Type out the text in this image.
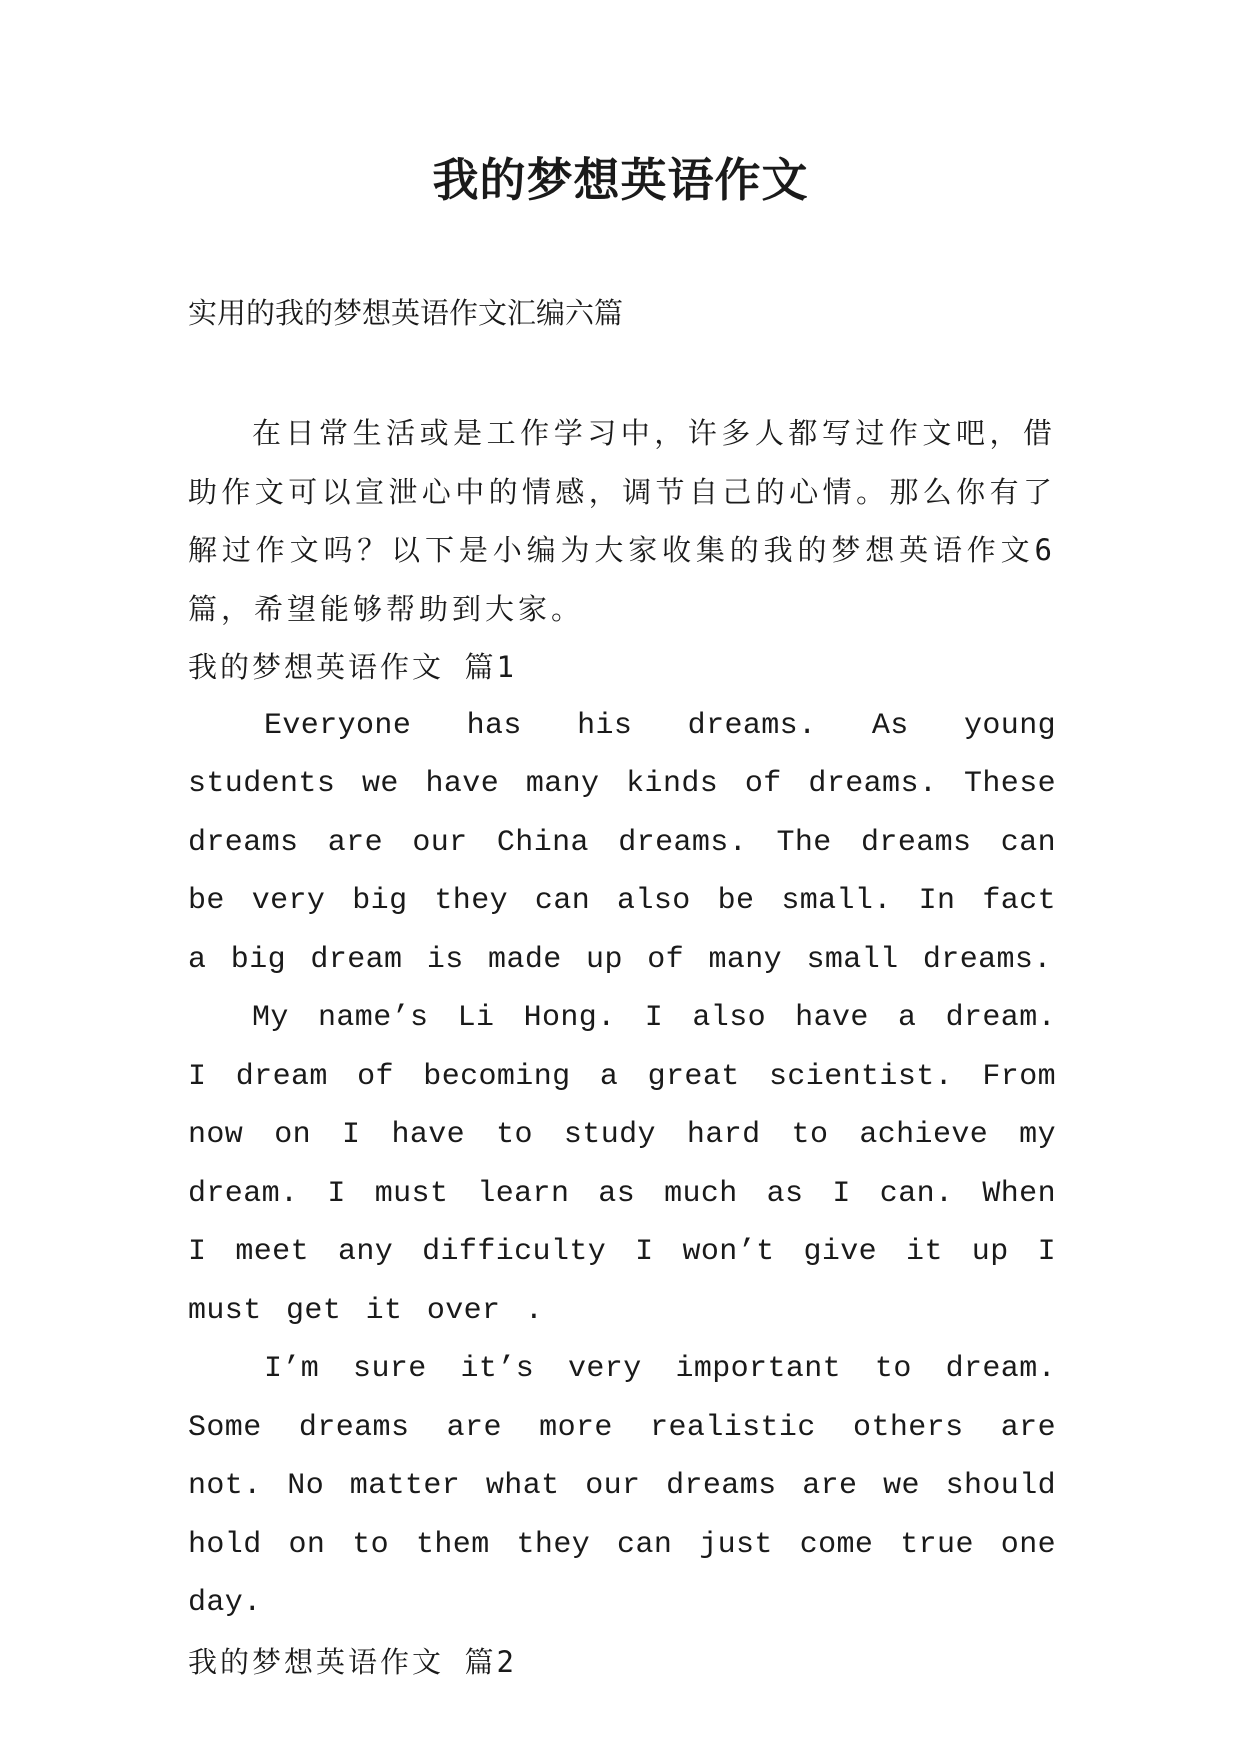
我的梦想英语作文
实用的我的梦想英语作文汇编六篇

在日常生活或是工作学习中，许多人都写过作文吧，借助作文可以宣泄心中的情感，调节自己的心情。那么你有了解过作文吗？以下是小编为大家收集的我的梦想英语作文6篇，希望能够帮助到大家。

我的梦想英语作文 篇1

Everyone has his dreams. As young students we have many kinds of dreams. These dreams are our China dreams. The dreams can be very big they can also be small. In fact a big dream is made up of many small dreams.

My name’s Li Hong. I also have a dream. I dream of becoming a great scientist. From now on I have to study hard to achieve my dream. I must learn as much as I can. When I meet any difficulty I won’t give it up I must get it over .

I’m sure it’s very important to dream. Some dreams are more realistic others are not. No matter what our dreams are we should hold on to them they can just come true one day.

我的梦想英语作文 篇2
